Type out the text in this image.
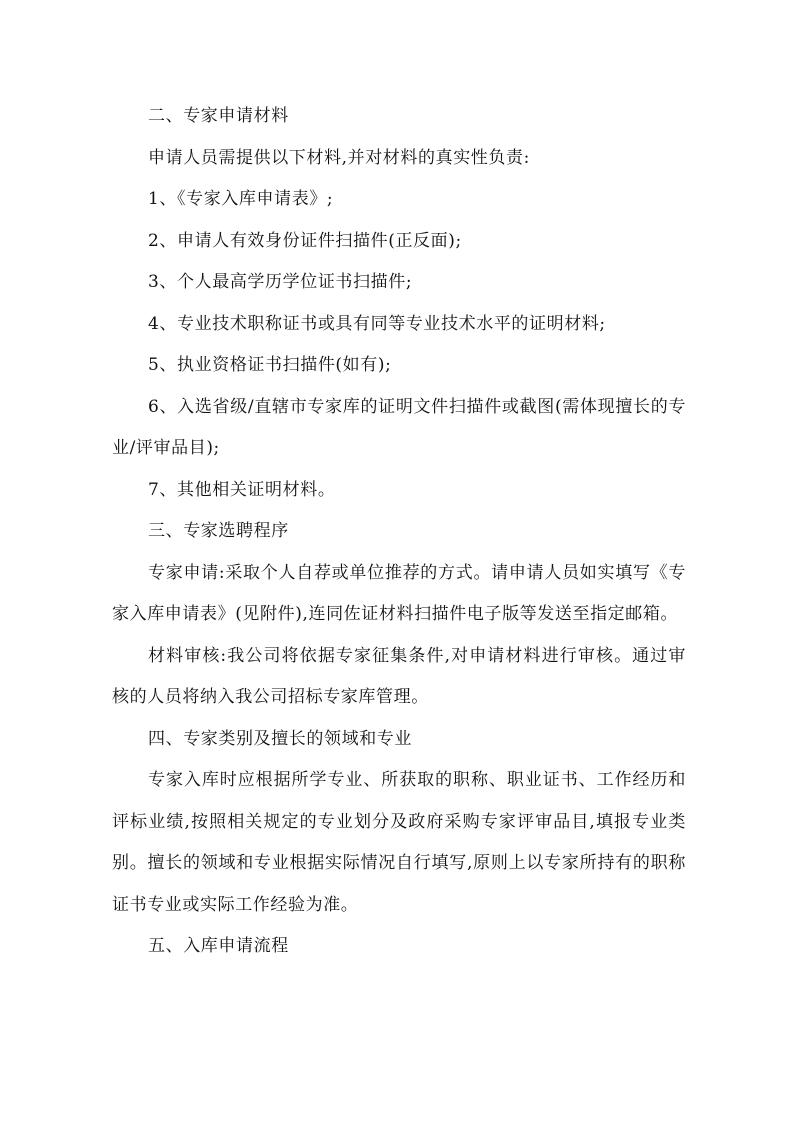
二、专家申请材料

申请人员需提供以下材料,并对材料的真实性负责:

1、《专家入库申请表》;

2、申请人有效身份证件扫描件(正反面);

3、个人最高学历学位证书扫描件;

4、专业技术职称证书或具有同等专业技术水平的证明材料;

5、执业资格证书扫描件(如有);

6、入选省级/直辖市专家库的证明文件扫描件或截图(需体现擅长的专业/评审品目);

7、其他相关证明材料。

三、专家选聘程序

专家申请:采取个人自荐或单位推荐的方式。请申请人员如实填写《专家入库申请表》(见附件),连同佐证材料扫描件电子版等发送至指定邮箱。

材料审核:我公司将依据专家征集条件,对申请材料进行审核。通过审核的人员将纳入我公司招标专家库管理。

四、专家类别及擅长的领域和专业

专家入库时应根据所学专业、所获取的职称、职业证书、工作经历和评标业绩,按照相关规定的专业划分及政府采购专家评审品目,填报专业类别。擅长的领域和专业根据实际情况自行填写,原则上以专家所持有的职称证书专业或实际工作经验为准。

五、入库申请流程
